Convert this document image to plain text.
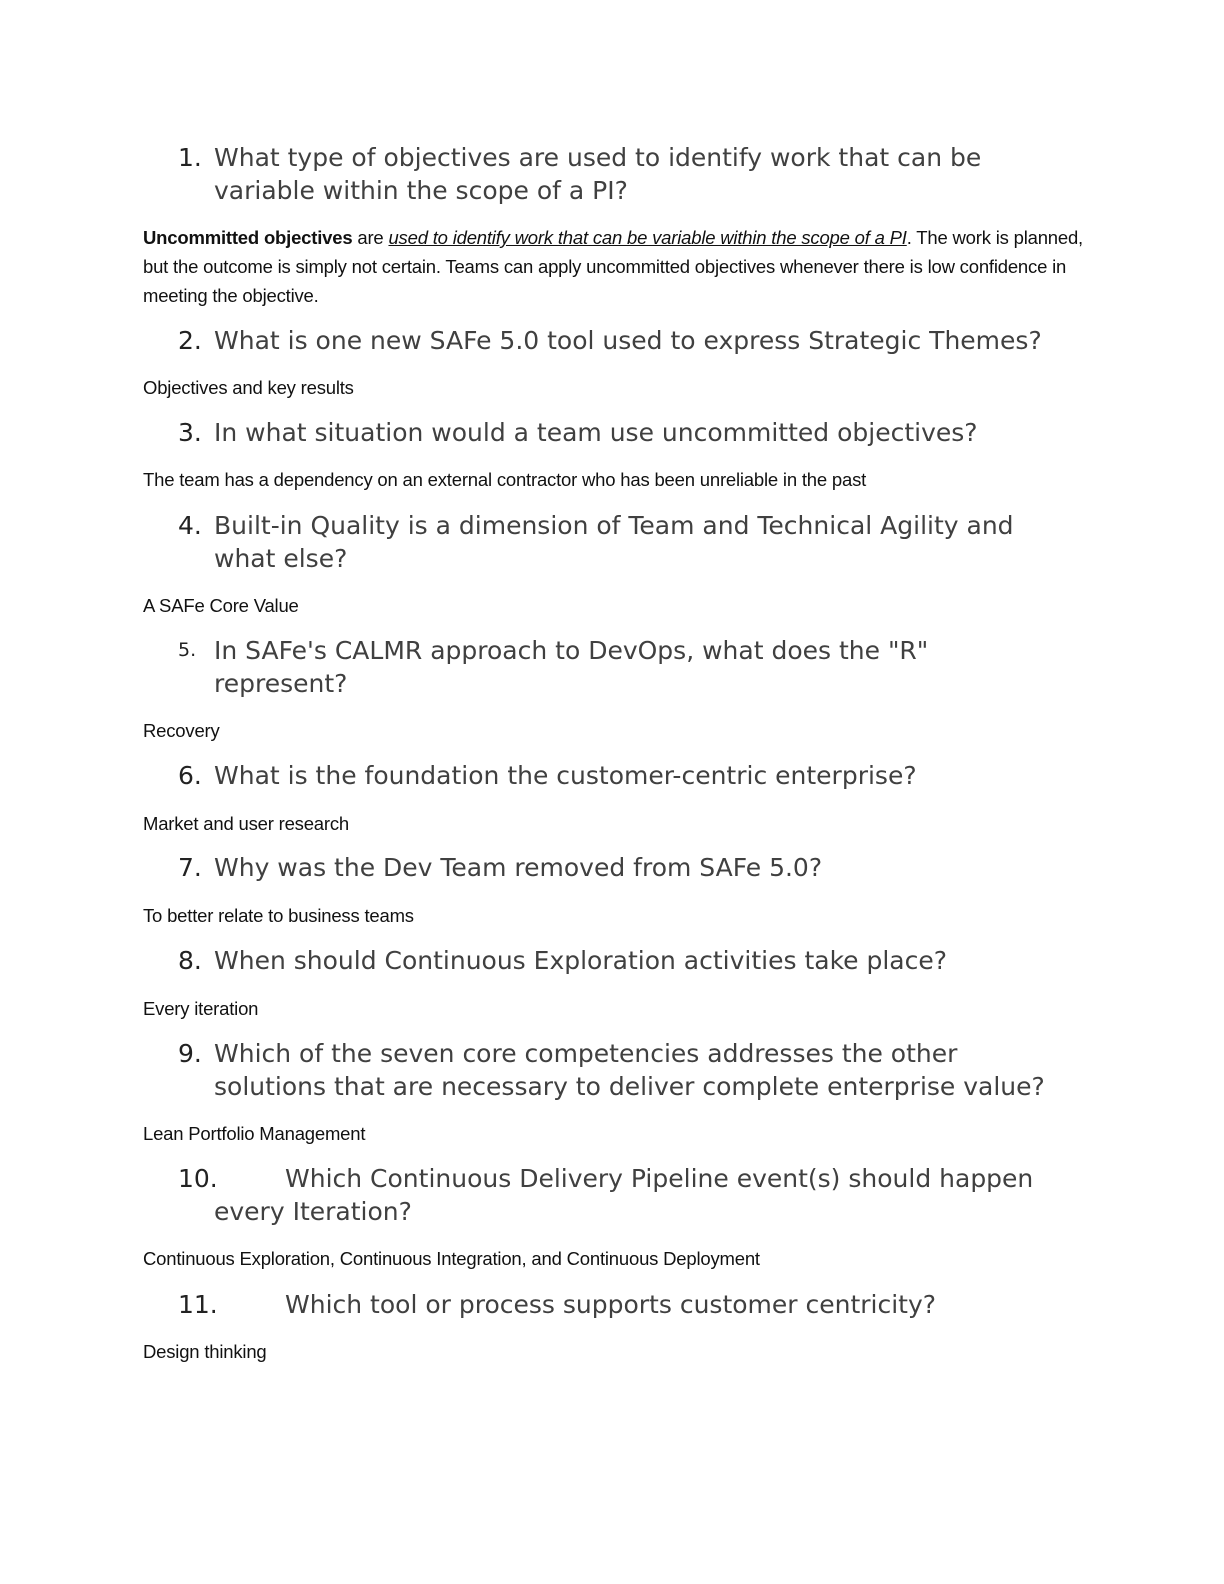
1. What type of objectives are used to identify work that can be variable within the scope of a PI?
Uncommitted objectives are used to identify work that can be variable within the scope of a PI. The work is planned, but the outcome is simply not certain. Teams can apply uncommitted objectives whenever there is low confidence in meeting the objective.
2. What is one new SAFe 5.0 tool used to express Strategic Themes?
Objectives and key results
3. In what situation would a team use uncommitted objectives?
The team has a dependency on an external contractor who has been unreliable in the past
4. Built-in Quality is a dimension of Team and Technical Agility and what else?
A SAFe Core Value
5. In SAFe's CALMR approach to DevOps, what does the "R" represent?
Recovery
6. What is the foundation the customer-centric enterprise?
Market and user research
7. Why was the Dev Team removed from SAFe 5.0?
To better relate to business teams
8. When should Continuous Exploration activities take place?
Every iteration
9. Which of the seven core competencies addresses the other solutions that are necessary to deliver complete enterprise value?
Lean Portfolio Management
10.	Which Continuous Delivery Pipeline event(s) should happen every Iteration?
Continuous Exploration, Continuous Integration, and Continuous Deployment
11.	Which tool or process supports customer centricity?
Design thinking
